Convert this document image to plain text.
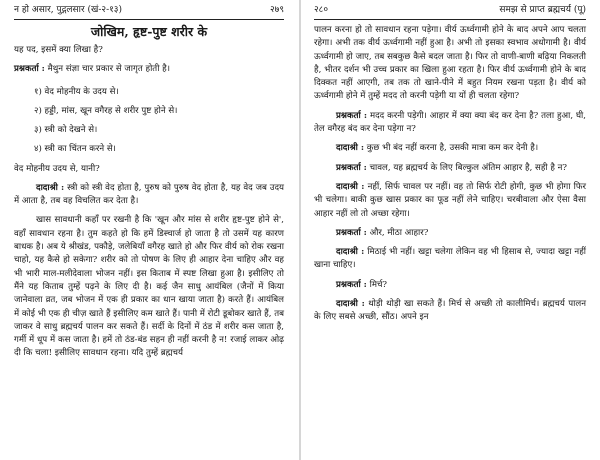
न हो असार, पुद्गलसार (खं-२-१३)	२७९
जोखिम, हृष्ट-पुष्ट शरीर के

यह पद, इसमें क्या लिखा है?

प्रश्नकर्ता : मैथुन संज्ञा चार प्रकार से जागृत होती है।

१) वेद मोहनीय के उदय से।
२) हड्डी, मांस, खून वगैरह से शरीर पुष्ट होने से।
३) स्त्री को देखने से।
४) स्त्री का चिंतन करने से।

वेद मोहनीय उदय से, यानी?

दादाश्री : स्त्री को स्त्री वेद होता है, पुरुष को पुरुष वेद होता है, यह वेद जब उदय में आता है, तब वह विचलित कर देता है।

खास सावधानी कहाँ पर रखनी है कि 'खून और मांस से शरीर हृष्ट-पुष्ट होने से', वहाँ सावधान रहना है। तुम कहते हो कि हमें डिस्चार्ज हो जाता है तो उसमें यह कारण बाधक है। अब ये श्रीखंड, पकौड़े, जलेबियाँ वगैरह खाते हो और फिर वीर्य को रोक रखना चाहो, यह कैसे हो सकेगा? शरीर को तो पोषण के लिए ही आहार देना चाहिए और वह भी भारी माल-मलीदेवाला भोजन नहीं। इस किताब में स्पष्ट लिखा हुआ है। इसीलिए तो मैंने यह किताब तुम्हें पढ़ने के लिए दी है। कई जैन साधु आयंबिल (जैनों में किया जानेवाला व्रत, जब भोजन में एक ही प्रकार का धान खाया जाता है) करते हैं। आयंबिल में कोई भी एक ही चीज़ खाते हैं इसीलिए कम खाते हैं। पानी में रोटी डूबोकर खाते हैं, तब जाकर वे साधु ब्रह्मचर्य पालन कर सकते हैं। सर्दी के दिनों में ठंड में शरीर कस जाता है, गर्मी में धूप में कस जाता है। हमें तो ठंड-बंड सहन ही नहीं करनी है न! रजाई लाकर ओढ़ दी कि चला! इसीलिए सावधान रहना। यदि तुम्हें ब्रह्मचर्य

२८०	समझ से प्राप्त ब्रह्मचर्य (पू)

पालन करना हो तो सावधान रहना पड़ेगा। वीर्य ऊर्ध्वगामी होने के बाद अपने आप चलता रहेगा। अभी तक वीर्य ऊर्ध्वगामी नहीं हुआ है। अभी तो इसका स्वभाव अधोगामी है। वीर्य ऊर्ध्वगामी हो जाए, तब सबकुछ कैसे बदल जाता है। फिर तो वाणी-बाणी बढ़िया निकलती है, भीतर दर्शन भी उच्च प्रकार का खिला हुआ रहता है। फिर वीर्य ऊर्ध्वगामी होने के बाद दिक्कत नहीं आएगी, तब तक तो खाने-पीने में बहुत नियम रखना पड़ता है। वीर्य को ऊर्ध्वगामी होने में तुम्हें मदद तो करनी पड़ेगी या यों ही चलता रहेगा?

प्रश्नकर्ता : मदद करनी पड़ेगी। आहार में क्या क्या बंद कर देना है? तला हुआ, घी, तेल वगैरह बंद कर देना पड़ेगा न?

दादाश्री : कुछ भी बंद नहीं करना है, उसकी मात्रा कम कर देनी है।

प्रश्नकर्ता : चावल, यह ब्रह्मचर्य के लिए बिल्कुल अंतिम आहार है, सही है न?

दादाश्री : नहीं, सिर्फ चावल पर नहीं। वह तो सिर्फ रोटी होगी, कुछ भी होगा फिर भी चलेगा। बाकी कुछ खास प्रकार का फूड नहीं लेने चाहिए। चरबीवाला और ऐसा वैसा आहार नहीं लो तो अच्छा रहेगा।

प्रश्नकर्ता : और, मीठा आहार?

दादाश्री : मिठाई भी नहीं। खट्टा चलेगा लेकिन वह भी हिसाब से, ज्यादा खट्टा नहीं खाना चाहिए।

प्रश्नकर्ता : मिर्च?

दादाश्री : थोड़ी थोड़ी खा सकते हैं। मिर्च से अच्छी तो कालीमिर्च। ब्रह्मचर्य पालन के लिए सबसे अच्छी, सौंठ। अपने इन
